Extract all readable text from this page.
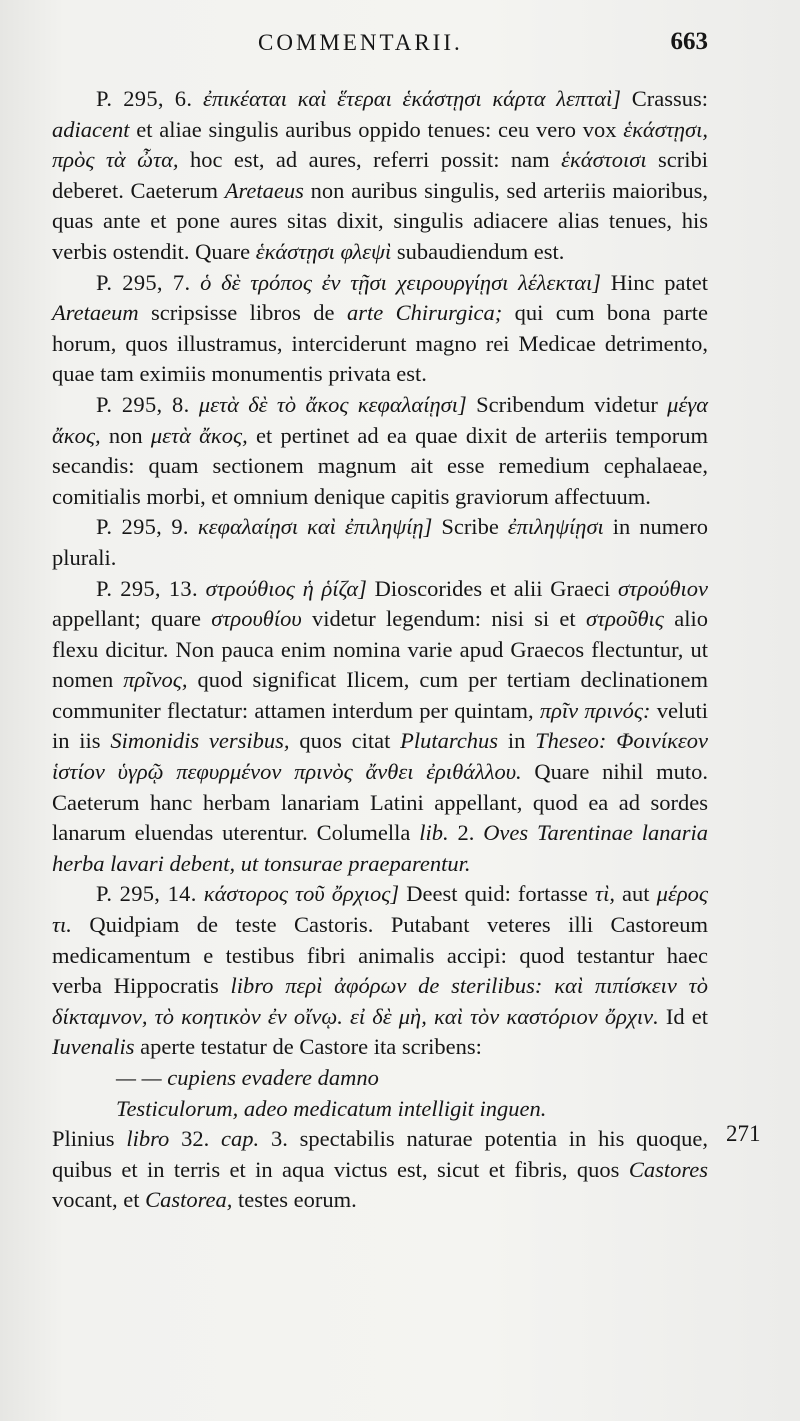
COMMENTARII.	663
271

P. 295, 6. ἐπικέαται καὶ ἕτεραι ἑκάστῃσι κάρτα λεπταὶ] Crassus: adiacent et aliae singulis auribus oppido tenues: ceu vero vox ἑκάστῃσι, πρὸς τὰ ὦτα, hoc est, ad aures, referri possit: nam ἑκάστοισι scribi deberet. Caeterum Aretaeus non auribus singulis, sed arteriis maioribus, quas ante et pone aures sitas dixit, singulis adiacere alias tenues, his verbis ostendit. Quare ἑκάστῃσι φλεψὶ subaudiendum est.

P. 295, 7. ὁ δὲ τρόπος ἐν τῇσι χειρουργίῃσι λέλεκται] Hinc patet Aretaeum scripsisse libros de arte Chirurgica; qui cum bona parte horum, quos illustramus, interciderunt magno rei Medicae detrimento, quae tam eximiis monumentis privata est.

P. 295, 8. μετὰ δὲ τὸ ἄκος κεφαλαίῃσι] Scribendum videtur μέγα ἄκος, non μετὰ ἄκος, et pertinet ad ea quae dixit de arteriis temporum secandis: quam sectionem magnum ait esse remedium cephalaeae, comitialis morbi, et omnium denique capitis graviorum affectuum.

P. 295, 9. κεφαλαίῃσι καὶ ἐπιληψίῃ] Scribe ἐπιληψίῃσι in numero plurali.

P. 295, 13. στρούθιος ἡ ῥίζα] Dioscorides et alii Graeci στρούθιον appellant; quare στρουθίου videtur legendum: nisi si et στροῦθις alio flexu dicitur. Non pauca enim nomina varie apud Graecos flectuntur, ut nomen πρῖνος, quod significat Ilicem, cum per tertiam declinationem communiter flectatur: attamen interdum per quintam, πρῖν πρινός: veluti in iis Simonidis versibus, quos citat Plutarchus in Theseo: Φοινίκεον ἱστίον ὑγρῷ πεφυρμένον πρινὸς ἄνθει ἐριθάλλου. Quare nihil muto. Caeterum hanc herbam lanariam Latini appellant, quod ea ad sordes lanarum eluendas uterentur. Columella lib. 2. Oves Tarentinae lanaria herba lavari debent, ut tonsurae praeparentur.

P. 295, 14. κάστορος τοῦ ὄρχιος] Deest quid: fortasse τὶ, aut μέρος τι. Quidpiam de teste Castoris. Putabant veteres illi Castoreum medicamentum e testibus fibri animalis accipi: quod testantur haec verba Hippocratis libro περὶ ἀφόρων de sterilibus: καὶ πιπίσκειν τὸ δίκταμνον, τὸ κοητικὸν ἐν οἴνῳ. εἰ δὲ μὴ, καὶ τὸν καστόριον ὄρχιν. Id et Iuvenalis aperte testatur de Castore ita scribens:

— — cupiens evadere damno

Testiculorum, adeo medicatum intelligit inguen.

Plinius libro 32. cap. 3. spectabilis naturae potentia in his quoque, quibus et in terris et in aqua victus est, sicut et fibris, quos Castores vocant, et Castorea, testes eorum.
